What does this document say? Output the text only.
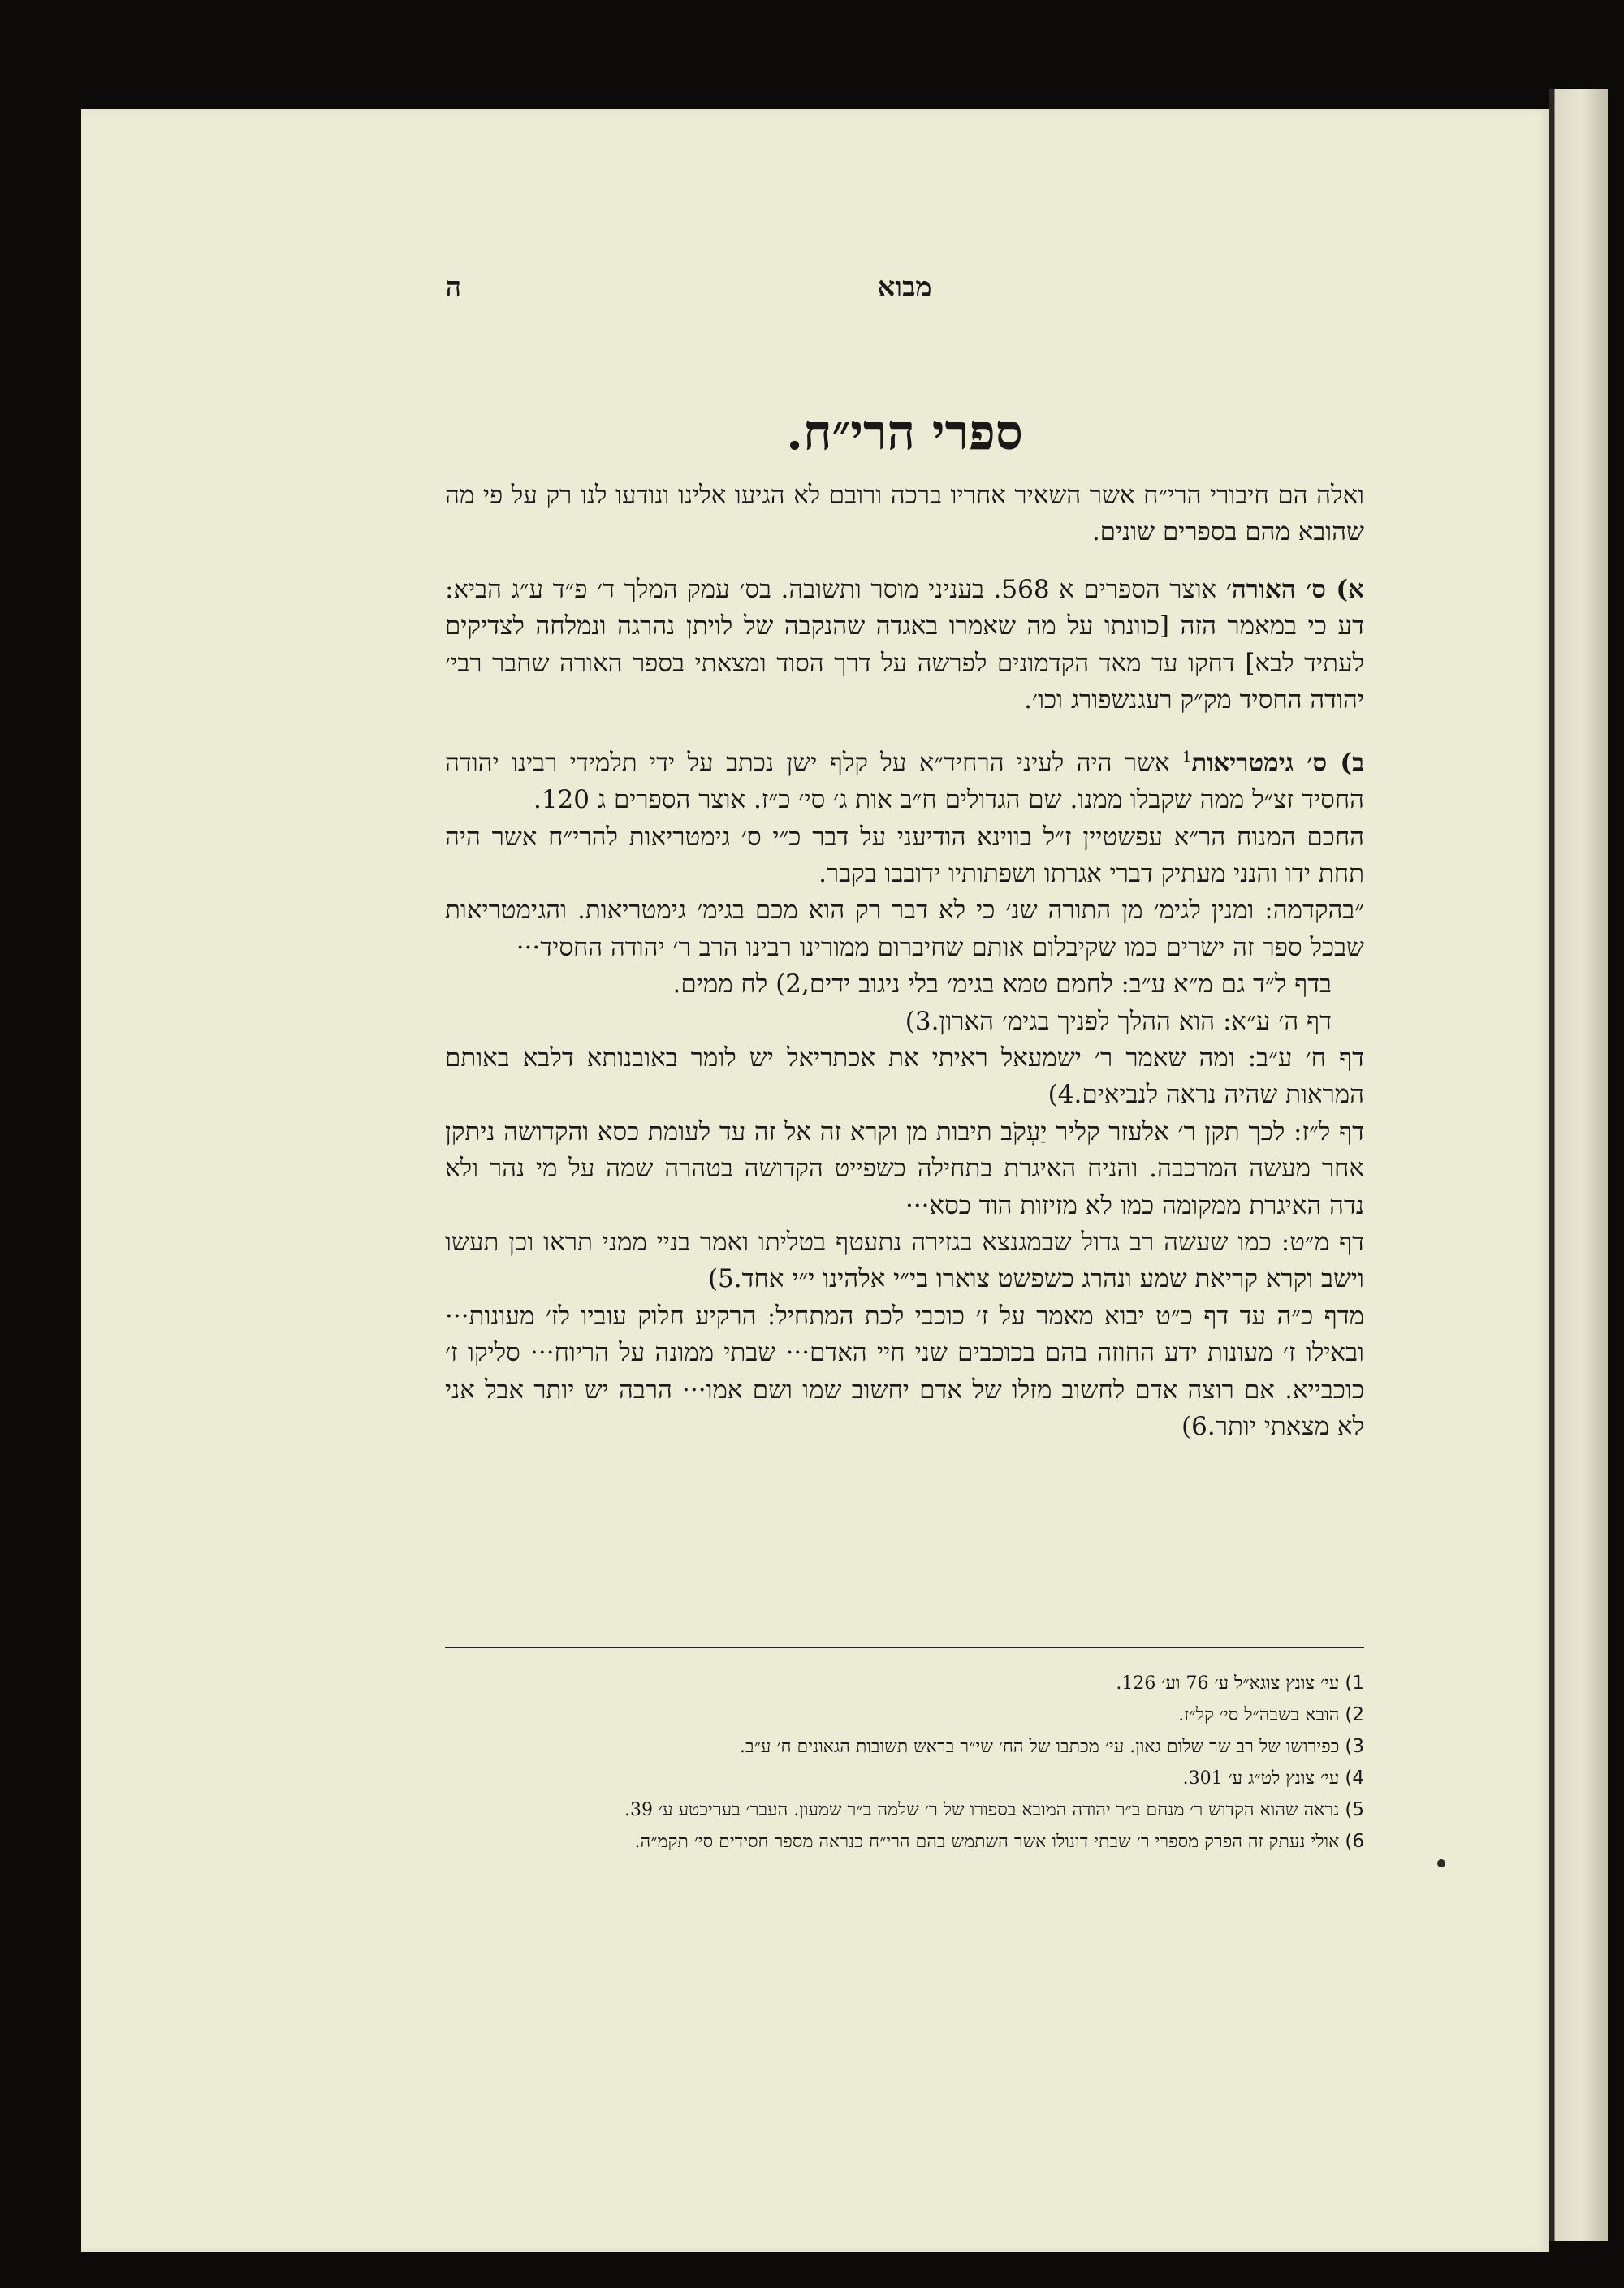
ה	מבוא
ספרי הרי״ח.

ואלה הם חיבורי הרי״ח אשר השאיר אחריו ברכה ורובם לא הגיעו אלינו ונודעו לנו רק על פי מה שהובא מהם בספרים שונים.

א) ס׳ האורה׳ אוצר הספרים א 568. בעניני מוסר ותשובה. בס׳ עמק המלך ד׳ פ״ד ע״ג הביא: דע כי במאמר הזה [כוונתו על מה שאמרו באגדה שהנקבה של לויתן נהרגה ונמלחה לצדיקים לעתיד לבא] דחקו עד מאד הקדמונים לפרשה על דרך הסוד ומצאתי בספר האורה שחבר רבי׳ יהודה החסיד מק״ק רעגנשפורג וכו׳.

ב) ס׳ גימטריאות$^1$ אשר היה לעיני הרחיד״א על קלף ישן נכתב על ידי תלמידי רבינו יהודה החסיד זצ״ל ממה שקבלו ממנו. שם הגדולים ח״ב אות ג׳ סי׳ כ״ז. אוצר הספרים ג 120.

החכם המנוח הר״א עפשטיין ז״ל בווינא הודיעני על דבר כ״י ס׳ גימטריאות להרי״ח אשר היה תחת ידו והנני מעתיק דברי אגרתו ושפתותיו ידובבו בקבר.

״בהקדמה: ומנין לגימ׳ מן התורה שנ׳ כי לא דבר רק הוא מכם בגימ׳ גימטריאות. והגימטריאות שבכל ספר זה ישרים כמו שקיבלום אותם שחיברום ממורינו רבינו הרב ר׳ יהודה החסיד···

בדף ל״ד גם מ״א ע״ב: לחמם טמא בגימ׳ בלי ניגוב ידים,2) לח ממים.

דף ה׳ ע״א: הוא ההלך לפניך בגימ׳ הארון.3)

דף ח׳ ע״ב: ומה שאמר ר׳ ישמעאל ראיתי את אכתריאל יש לומר באובנותא דלבא באותם המראות שהיה נראה לנביאים.4)

דף ל״ז: לכך תקן ר׳ אלעזר קליר יַעְקֹב תיבות מן וקרא זה אל זה עד לעומת כסא והקדושה ניתקן אחר מעשה המרכבה. והניח האיגרת בתחילה כשפייט הקדושה בטהרה שמה על מי נהר ולא נדה האיגרת ממקומה כמו לא מזיזות הוד כסא···

דף מ״ט: כמו שעשה רב גדול שבמגנצא בגזירה נתעטף בטליתו ואמר בניי ממני תראו וכן תעשו וישב וקרא קריאת שמע ונהרג כשפשט צוארו בי״י אלהינו י״י אחד.5)

מדף כ״ה עד דף כ״ט יבוא מאמר על ז׳ כוכבי לכת המתחיל: הרקיע חלוק עוביו לז׳ מעונות··· ובאילו ז׳ מעונות ידע החוזה בהם בכוכבים שני חיי האדם··· שבתי ממונה על הריוח··· סליקו ז׳ כוכבייא. אם רוצה אדם לחשוב מזלו של אדם יחשוב שמו ושם אמו··· הרבה יש יותר אבל אני לא מצאתי יותר.6)

1) עי׳ צונץ צוגא״ל ע׳ 76 וע׳ 126.

2) הובא בשבה״ל סי׳ קל״ז.

3) כפירושו של רב שר שלום גאון. עי׳ מכתבו של הח׳ שי״ר בראש תשובות הגאונים ח׳ ע״ב.

4) עי׳ צונץ לט״ג ע׳ 301.

5) נראה שהוא הקדוש ר׳ מנחם ב״ר יהודה המובא בספורו של ר׳ שלמה ב״ר שמעון. העבר׳ בעריכטע ע׳ 39.

6) אולי נעתק זה הפרק מספרי ר׳ שבתי דונולו אשר השתמש בהם הרי״ח כנראה מספר חסידים סי׳ תקמ״ה.
